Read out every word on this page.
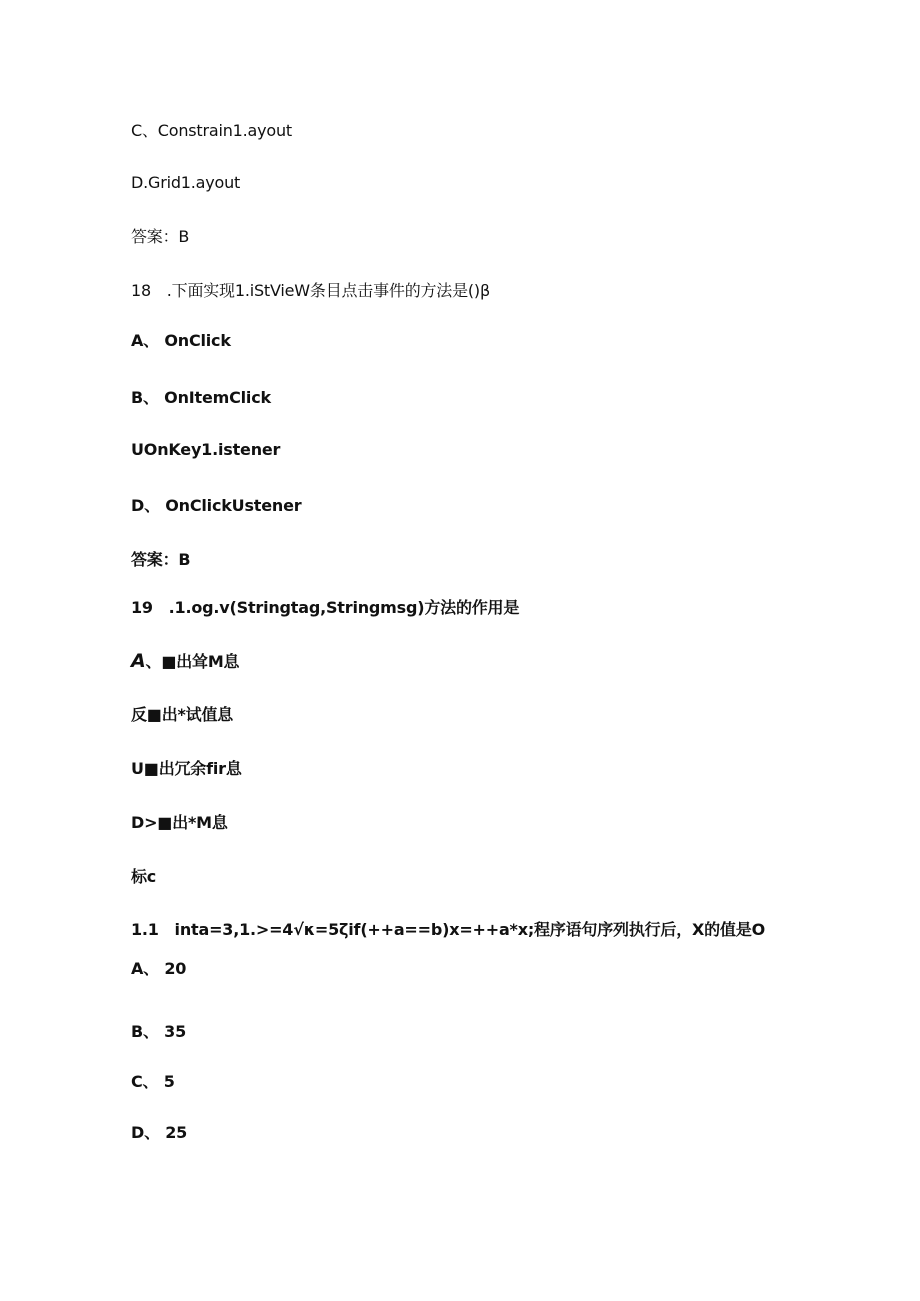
C、Constrain1.ayout
D.Grid1.ayout
答案：B
18　.下面实现1.iStVieW条目点击事件的方法是()β
A、 OnClick
B、 OnItemClick
UOnKey1.istener
D、 OnClickUstener
答案：B
19　.1.og.v(Stringtag,Stringmsg)方法的作用是
A、■出耸M息
反■出*试值息
U■出冗余fir息
D>■出*M息
标c
1.1　inta=3,1.>=4√κ=5ζif(++a==b)x=++a*x;程序语句序列执行后，X的值是O
A、 20
B、 35
C、 5
D、 25
